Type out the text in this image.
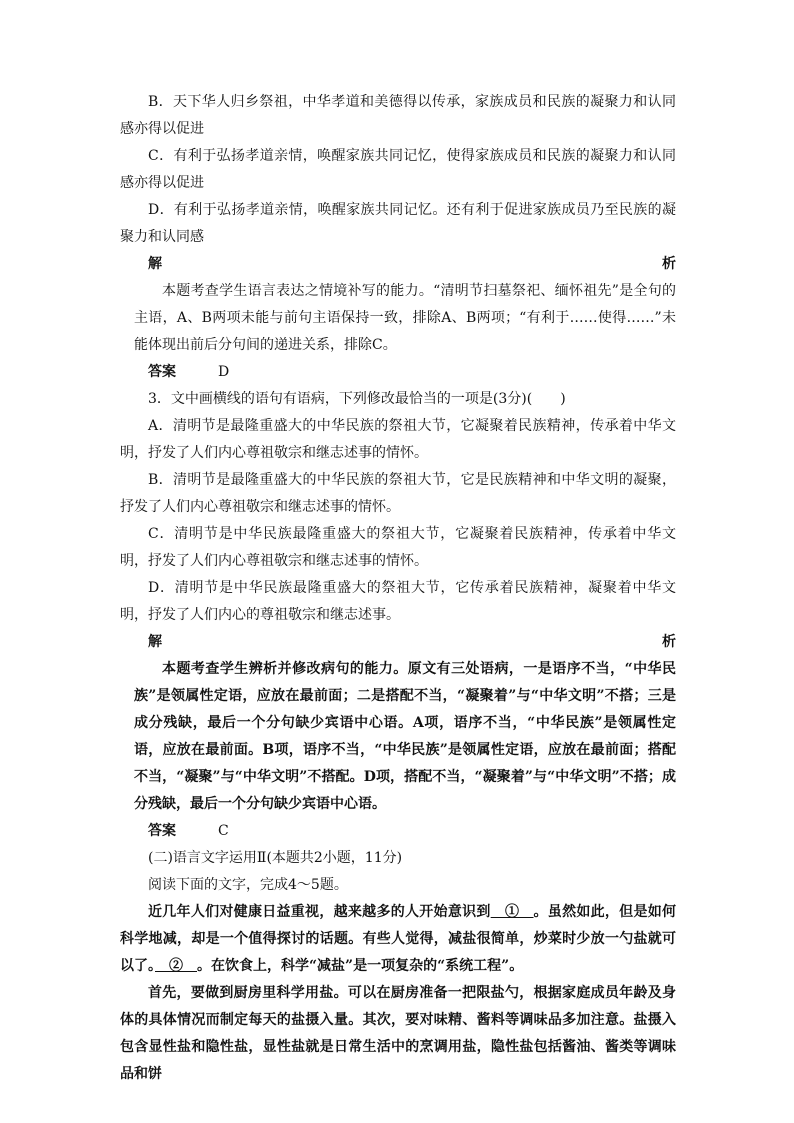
B．天下华人归乡祭祖，中华孝道和美德得以传承，家族成员和民族的凝聚力和认同感亦得以促进

C．有利于弘扬孝道亲情，唤醒家族共同记忆，使得家族成员和民族的凝聚力和认同感亦得以促进

D．有利于弘扬孝道亲情，唤醒家族共同记忆。还有利于促进家族成员乃至民族的凝聚力和认同感

解析本题考查学生语言表达之情境补写的能力。“清明节扫墓祭祀、缅怀祖先”是全句的主语，A、B两项未能与前句主语保持一致，排除A、B两项；“有利于……使得……”未能体现出前后分句间的递进关系，排除C。

答案	D

3．文中画横线的语句有语病，下列修改最恰当的一项是(3分)(　　)

A．清明节是最隆重盛大的中华民族的祭祖大节，它凝聚着民族精神，传承着中华文明，抒发了人们内心尊祖敬宗和继志述事的情怀。

B．清明节是最隆重盛大的中华民族的祭祖大节，它是民族精神和中华文明的凝聚，抒发了人们内心尊祖敬宗和继志述事的情怀。

C．清明节是中华民族最隆重盛大的祭祖大节，它凝聚着民族精神，传承着中华文明，抒发了人们内心尊祖敬宗和继志述事的情怀。

D．清明节是中华民族最隆重盛大的祭祖大节，它传承着民族精神，凝聚着中华文明，抒发了人们内心的尊祖敬宗和继志述事。

解析本题考查学生辨析并修改病句的能力。原文有三处语病，一是语序不当，“中华民族”是领属性定语，应放在最前面；二是搭配不当，“凝聚着”与“中华文明”不搭；三是成分残缺，最后一个分句缺少宾语中心语。A项，语序不当，“中华民族”是领属性定语，应放在最前面。B项，语序不当，“中华民族”是领属性定语，应放在最前面；搭配不当，“凝聚”与“中华文明”不搭配。D项，搭配不当，“凝聚着”与“中华文明”不搭；成分残缺，最后一个分句缺少宾语中心语。

答案	C

(二)语言文字运用Ⅱ(本题共2小题，11分)

阅读下面的文字，完成4～5题。

近几年人们对健康日益重视，越来越多的人开始意识到　①　。虽然如此，但是如何科学地减，却是一个值得探讨的话题。有些人觉得，减盐很简单，炒菜时少放一勺盐就可以了。　②　。在饮食上，科学“减盐”是一项复杂的“系统工程”。

首先，要做到厨房里科学用盐。可以在厨房准备一把限盐勺，根据家庭成员年龄及身体的具体情况而制定每天的盐摄入量。其次，要对味精、酱料等调味品多加注意。盐摄入包含显性盐和隐性盐，显性盐就是日常生活中的烹调用盐，隐性盐包括酱油、酱类等调味品和饼
